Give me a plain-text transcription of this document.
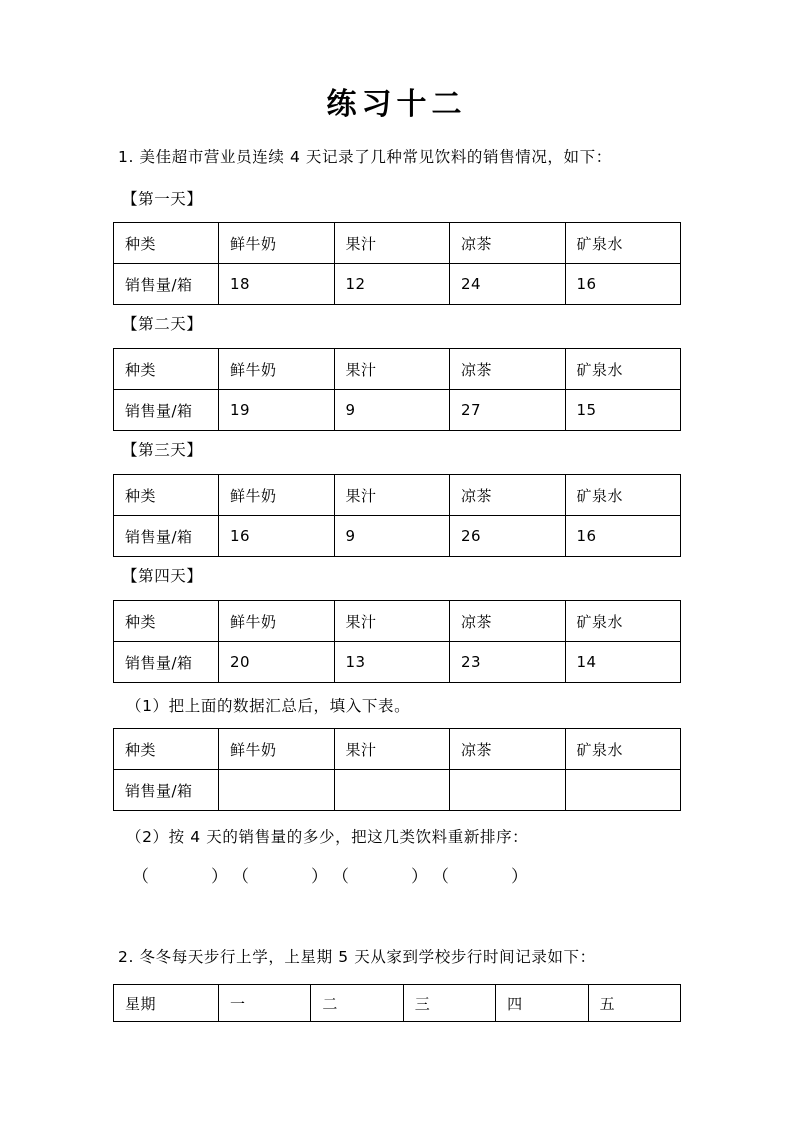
练习十二
1. 美佳超市营业员连续 4 天记录了几种常见饮料的销售情况，如下：
【第一天】
种类	鲜牛奶	果汁	凉茶	矿泉水
销售量/箱	18	12	24	16
【第二天】
种类	鲜牛奶	果汁	凉茶	矿泉水
销售量/箱	19	9	27	15
【第三天】
种类	鲜牛奶	果汁	凉茶	矿泉水
销售量/箱	16	9	26	16
【第四天】
种类	鲜牛奶	果汁	凉茶	矿泉水
销售量/箱	20	13	23	14
（1）把上面的数据汇总后，填入下表。
种类	鲜牛奶	果汁	凉茶	矿泉水
销售量/箱				
（2）按 4 天的销售量的多少，把这几类饮料重新排序：
（	） （	） （	） （	）
2. 冬冬每天步行上学，上星期 5 天从家到学校步行时间记录如下：
星期	一	二	三	四	五
